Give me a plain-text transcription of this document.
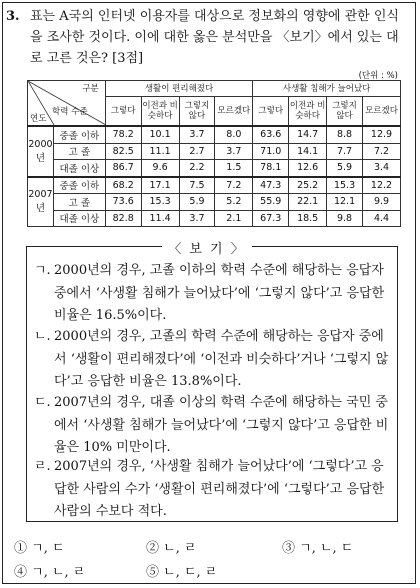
3. 표는 A국의 인터넷 이용자를 대상으로 정보화의 영향에 관한 인식을 조사한 것이다. 이에 대한 옳은 분석만을 〈보기〉에서 있는 대로 고른 것은? [3점]
(단위 : %)
구분
학력 수준
연도		생활이 편리해졌다				사생활 침해가 늘어났다			
		그렇다	이전과 비슷하다	그렇지 않다	모르겠다	그렇다	이전과 비슷하다	그렇지 않다	모르겠다
2000년	중졸 이하	78.2	10.1	3.7	8.0	63.6	14.7	8.8	12.9
	고 졸	82.5	11.1	2.7	3.7	71.0	14.1	7.7	7.2
	대졸 이상	86.7	9.6	2.2	1.5	78.1	12.6	5.9	3.4
2007년	중졸 이하	68.2	17.1	7.5	7.2	47.3	25.2	15.3	12.2
	고 졸	73.6	15.3	5.9	5.2	55.9	22.1	12.1	9.9
	대졸 이상	82.8	11.4	3.7	2.1	67.3	18.5	9.8	4.4
〈 보 기 〉
ㄱ. 2000년의 경우, 고졸 이하의 학력 수준에 해당하는 응답자 중에서 ‘사생활 침해가 늘어났다’에 ‘그렇지 않다’고 응답한 비율은 16.5%이다.
ㄴ. 2000년의 경우, 고졸의 학력 수준에 해당하는 응답자 중에서 ‘생활이 편리해졌다’에 ‘이전과 비슷하다’거나 ‘그렇지 않다’고 응답한 비율은 13.8%이다.
ㄷ. 2007년의 경우, 대졸 이상의 학력 수준에 해당하는 국민 중에서 ‘사생활 침해가 늘어났다’에 ‘그렇지 않다’고 응답한 비율은 10% 미만이다.
ㄹ. 2007년의 경우, ‘사생활 침해가 늘어났다’에 ‘그렇다’고 응답한 사람의 수가 ‘생활이 편리해졌다’에 ‘그렇다’고 응답한 사람의 수보다 적다.
① ㄱ, ㄷ	② ㄴ, ㄹ	③ ㄱ, ㄴ, ㄷ
④ ㄱ, ㄴ, ㄹ	⑤ ㄴ, ㄷ, ㄹ
